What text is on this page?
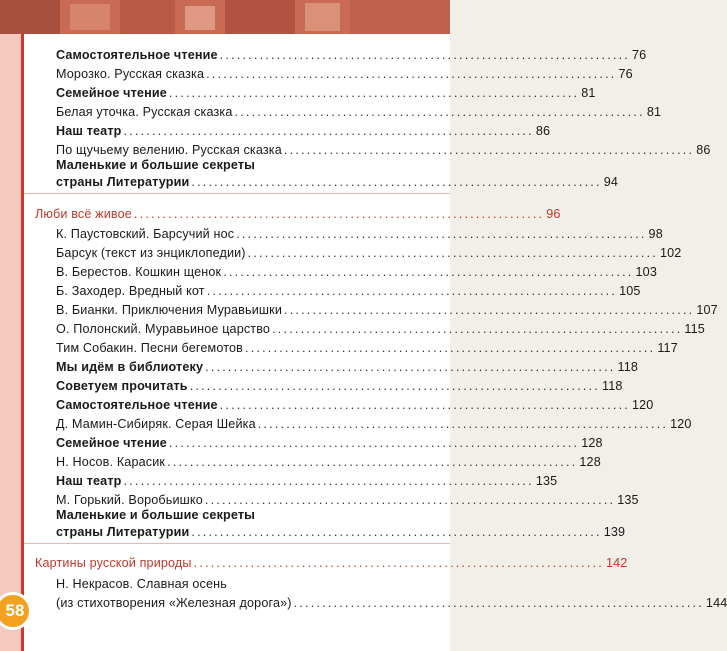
Самостоятельное чтение ........................................................................ 76
Морозко. Русская сказка ........................................................................ 76
Семейное чтение ........................................................................ 81
Белая уточка. Русская сказка ........................................................................ 81
Наш театр ........................................................................ 86
По щучьему велению. Русская сказка ........................................................................ 86
Маленькие и большие секреты
страны Литературии ........................................................................ 94
Люби всё живое ........................................................................ 96
К. Паустовский. Барсучий нос ........................................................................ 98
Барсук (текст из энциклопедии) ........................................................................ 102
В. Берестов. Кошкин щенок ........................................................................ 103
Б. Заходер. Вредный кот ........................................................................ 105
В. Бианки. Приключения Муравьишки ........................................................................ 107
О. Полонский. Муравьиное царство ........................................................................ 115
Тим Собакин. Песни бегемотов ........................................................................ 117
Мы идём в библиотеку ........................................................................ 118
Советуем прочитать ........................................................................ 118
Самостоятельное чтение ........................................................................ 120
Д. Мамин-Сибиряк. Серая Шейка ........................................................................ 120
Семейное чтение ........................................................................ 128
Н. Носов. Карасик ........................................................................ 128
Наш театр ........................................................................ 135
М. Горький. Воробьишко ........................................................................ 135
Маленькие и большие секреты
страны Литературии ........................................................................ 139
Картины русской природы ........................................................................ 142
Н. Некрасов. Славная осень
(из стихотворения «Железная дорога») ........................................................................ 144
58
